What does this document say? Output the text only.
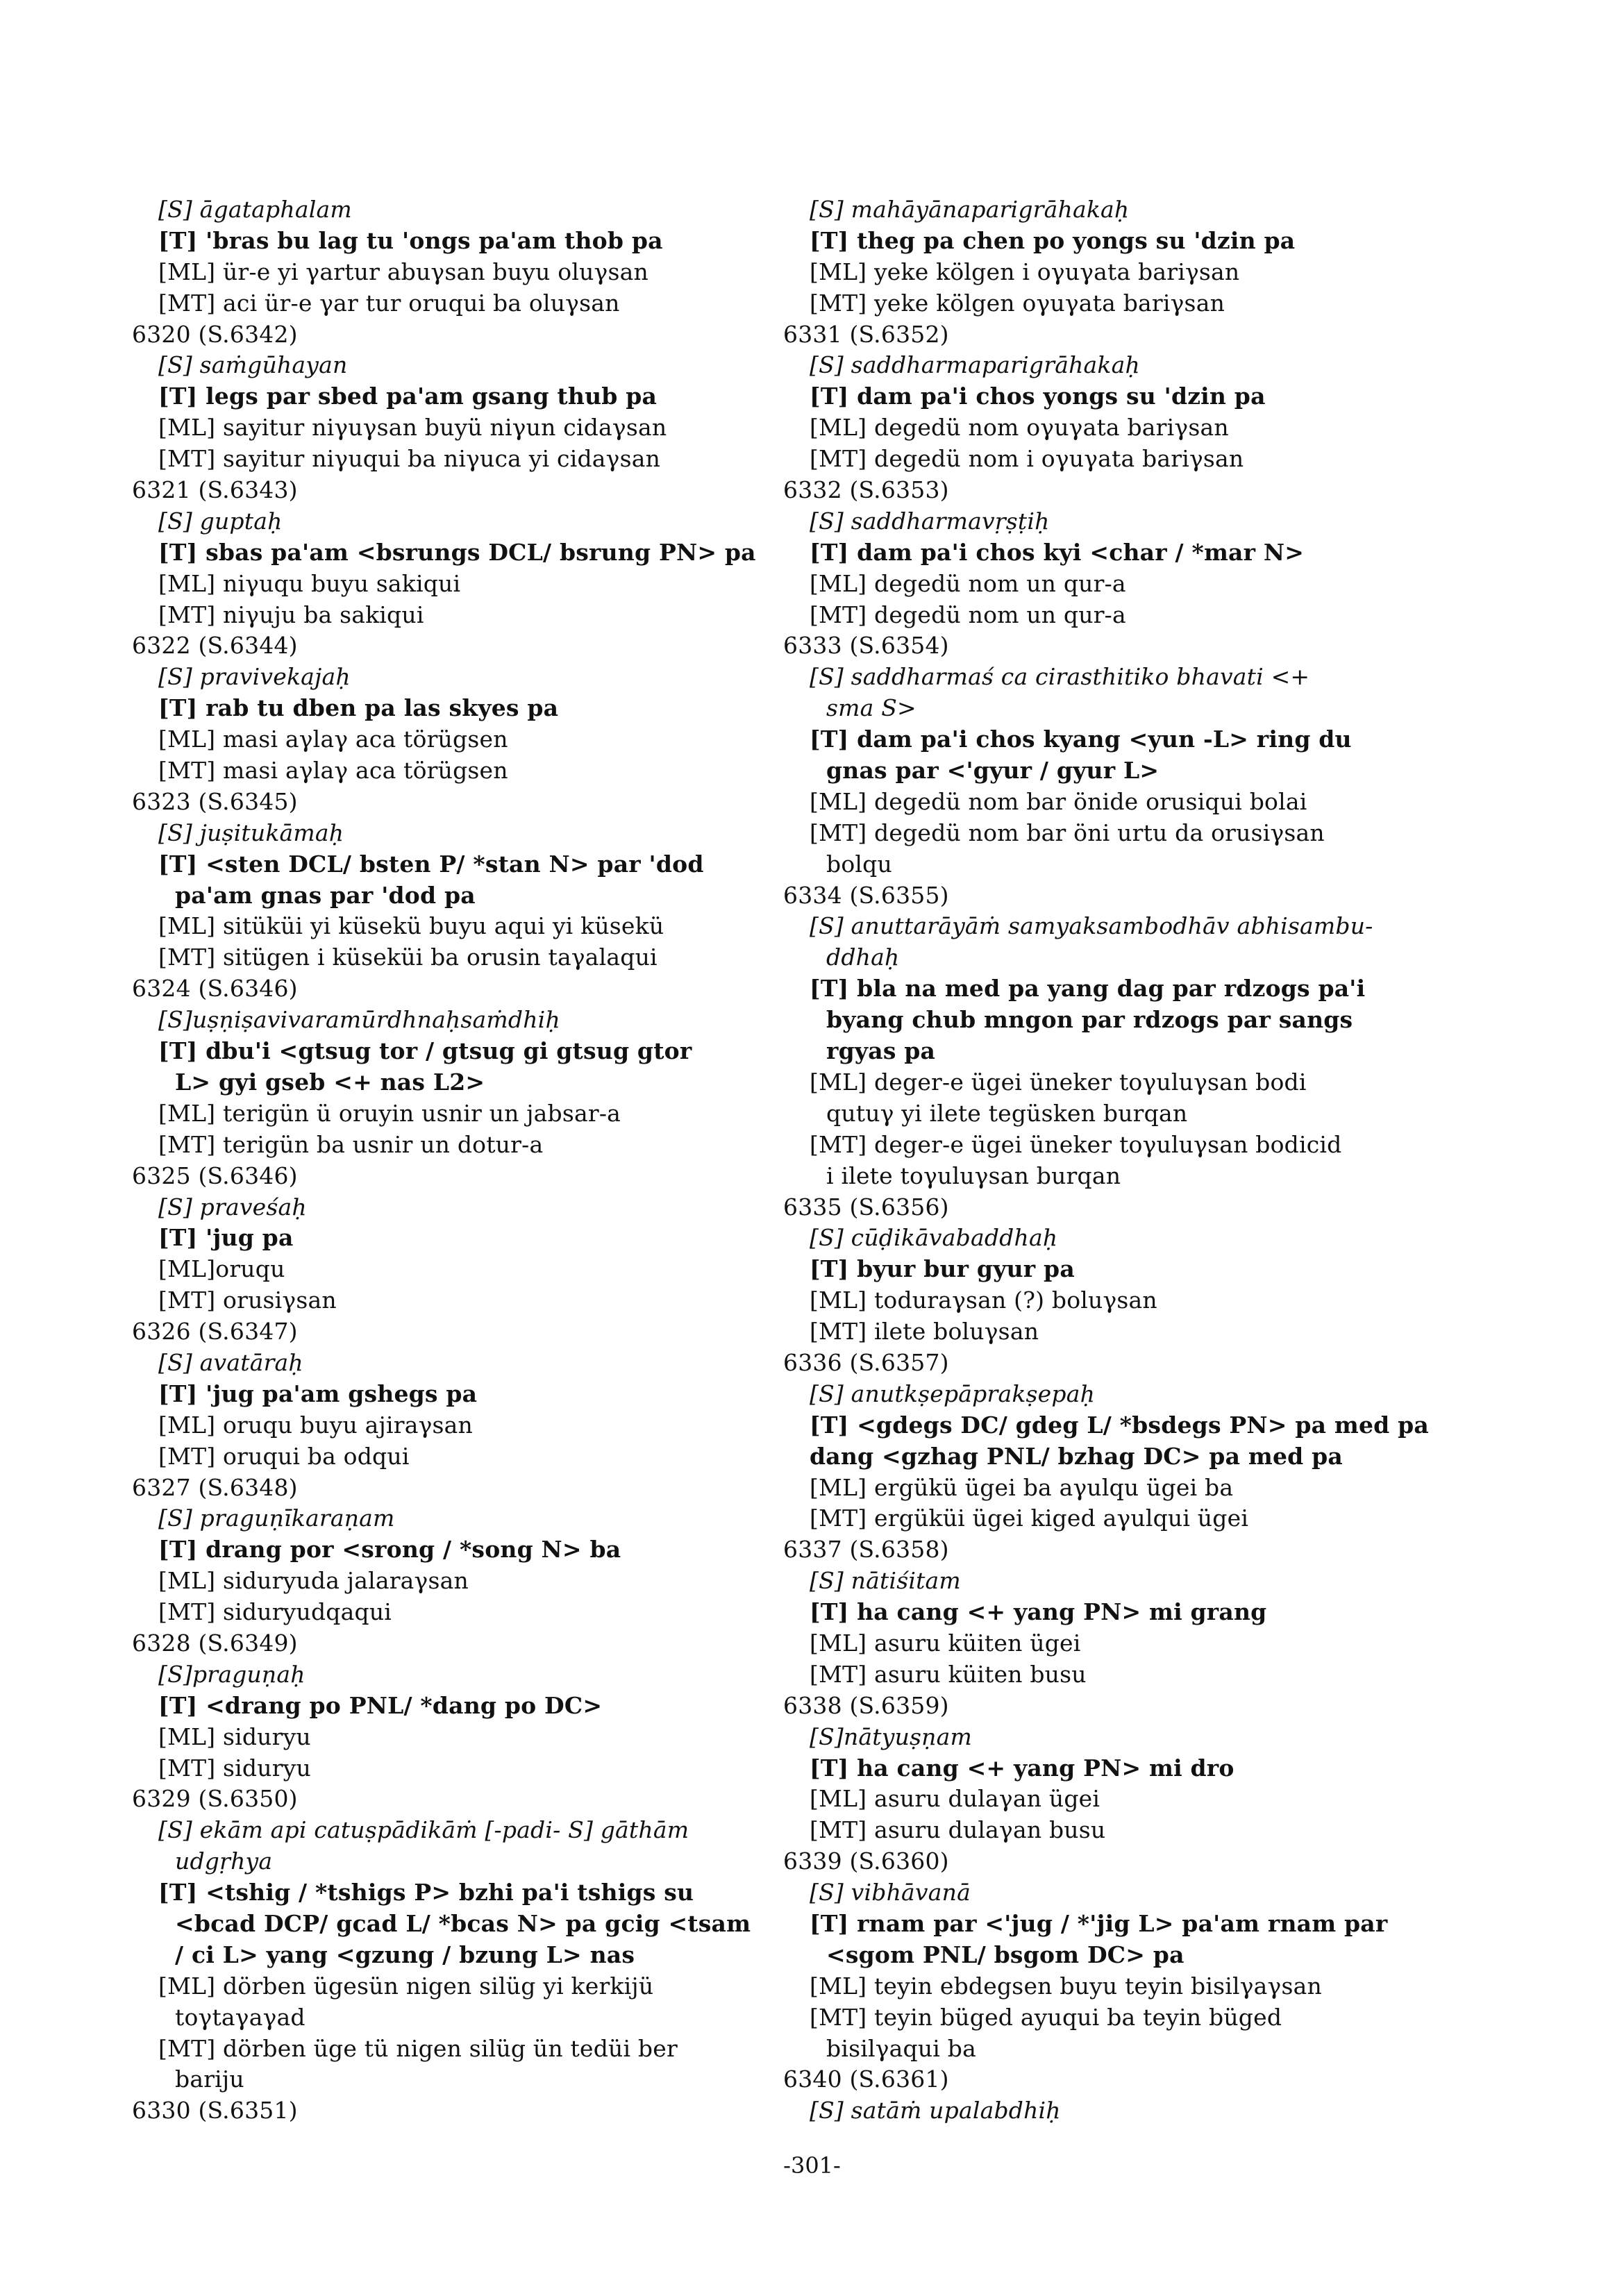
[S] āgataphalam
[T] 'bras bu lag tu 'ongs pa'am thob pa
[ML] ür-e yi γartur abuγsan buyu oluγsan
[MT] aci ür-e γar tur oruqui ba oluγsan
6320 (S.6342)
[S] saṁgūhayan
[T] legs par sbed pa'am gsang thub pa
[ML] sayitur niγuγsan buyü niγun cidaγsan
[MT] sayitur niγuqui ba niγuca yi cidaγsan
6321 (S.6343)
[S] guptaḥ
[T] sbas pa'am <bsrungs DCL/ bsrung PN> pa
[ML] niγuqu buyu sakiqui
[MT] niγuju ba sakiqui
6322 (S.6344)
[S] pravivekajaḥ
[T] rab tu dben pa las skyes pa
[ML] masi aγlaγ aca törügsen
[MT] masi aγlaγ aca törügsen
6323 (S.6345)
[S] juṣitukāmaḥ
[T] <sten DCL/ bsten P/ *stan N> par 'dod
pa'am gnas par 'dod pa
[ML] sitüküi yi küsekü buyu aqui yi küsekü
[MT] sitügen i küseküi ba orusin taγalaqui
6324 (S.6346)
[S]uṣṇiṣavivaramūrdhnaḥsaṁdhiḥ
[T] dbu'i <gtsug tor / gtsug gi gtsug gtor
L> gyi gseb <+ nas L2>
[ML] terigün ü oruyin usnir un jabsar-a
[MT] terigün ba usnir un dotur-a
6325 (S.6346)
[S] praveśaḥ
[T] 'jug pa
[ML]oruqu
[MT] orusiγsan
6326 (S.6347)
[S] avatāraḥ
[T] 'jug pa'am gshegs pa
[ML] oruqu buyu ajiraγsan
[MT] oruqui ba odqui
6327 (S.6348)
[S] praguṇīkaraṇam
[T] drang por <srong / *song N> ba
[ML] siduryuda jalaraγsan
[MT] siduryudqaqui
6328 (S.6349)
[S]praguṇaḥ
[T] <drang po PNL/ *dang po DC>
[ML] siduryu
[MT] siduryu
6329 (S.6350)
[S] ekām api catuṣpādikāṁ [-padi- S] gāthām
udgṛhya
[T] <tshig / *tshigs P> bzhi pa'i tshigs su
<bcad DCP/ gcad L/ *bcas N> pa gcig <tsam
/ ci L> yang <gzung / bzung L> nas
[ML] dörben ügesün nigen silüg yi kerkijü
toγtaγaγad
[MT] dörben üge tü nigen silüg ün tedüi ber
bariju
6330 (S.6351)
[S] mahāyānaparigrāhakaḥ
[T] theg pa chen po yongs su 'dzin pa
[ML] yeke kölgen i oγuγata bariγsan
[MT] yeke kölgen oγuγata bariγsan
6331 (S.6352)
[S] saddharmaparigrāhakaḥ
[T] dam pa'i chos yongs su 'dzin pa
[ML] degedü nom oγuγata bariγsan
[MT] degedü nom i oγuγata bariγsan
6332 (S.6353)
[S] saddharmavṛṣṭiḥ
[T] dam pa'i chos kyi <char / *mar N>
[ML] degedü nom un qur-a
[MT] degedü nom un qur-a
6333 (S.6354)
[S] saddharmaś ca cirasthitiko bhavati <+
sma S>
[T] dam pa'i chos kyang <yun -L> ring du
gnas par <'gyur / gyur L>
[ML] degedü nom bar önide orusiqui bolai
[MT] degedü nom bar öni urtu da orusiγsan
bolqu
6334 (S.6355)
[S] anuttarāyāṁ samyaksambodhāv abhisambu-
ddhaḥ
[T] bla na med pa yang dag par rdzogs pa'i
byang chub mngon par rdzogs par sangs
rgyas pa
[ML] deger-e ügei üneker toγuluγsan bodi
qutuγ yi ilete tegüsken burqan
[MT] deger-e ügei üneker toγuluγsan bodicid
i ilete toγuluγsan burqan
6335 (S.6356)
[S] cūḍikāvabaddhaḥ
[T] byur bur gyur pa
[ML] toduraγsan (?) boluγsan
[MT] ilete boluγsan
6336 (S.6357)
[S] anutkṣepāprakṣepaḥ
[T] <gdegs DC/ gdeg L/ *bsdegs PN> pa med pa
dang <gzhag PNL/ bzhag DC> pa med pa
[ML] ergükü ügei ba aγulqu ügei ba
[MT] ergüküi ügei kiged aγulqui ügei
6337 (S.6358)
[S] nātiśitam
[T] ha cang <+ yang PN> mi grang
[ML] asuru küiten ügei
[MT] asuru küiten busu
6338 (S.6359)
[S]nātyuṣṇam
[T] ha cang <+ yang PN> mi dro
[ML] asuru dulaγan ügei
[MT] asuru dulaγan busu
6339 (S.6360)
[S] vibhāvanā
[T] rnam par <'jug / *'jig L> pa'am rnam par
<sgom PNL/ bsgom DC> pa
[ML] teyin ebdegsen buyu teyin bisilγaγsan
[MT] teyin büged ayuqui ba teyin büged
bisilγaqui ba
6340 (S.6361)
[S] satāṁ upalabdhiḥ
-301-
